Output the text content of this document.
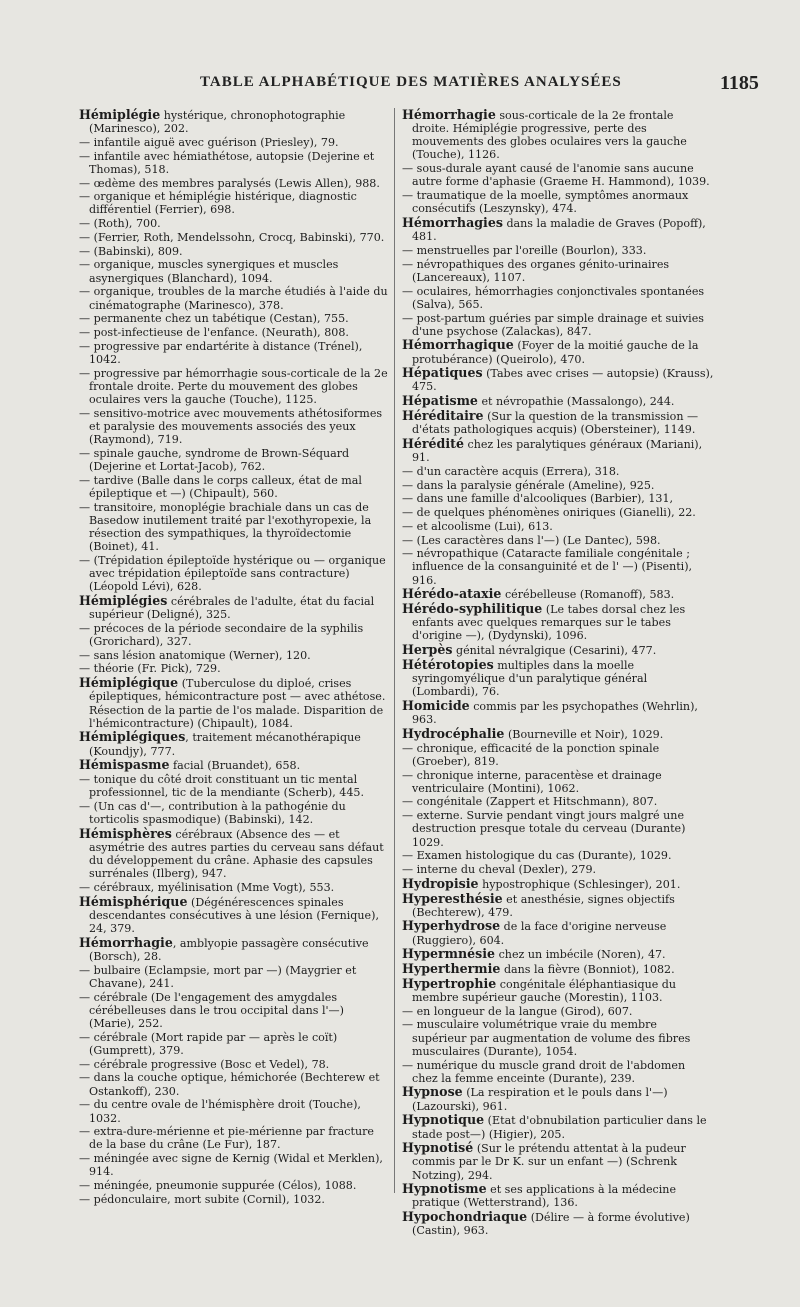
TABLE ALPHABÉTIQUE DES MATIÈRES ANALYSÉES	1185
Hémiplégie hystérique, chronophotographie (Marinesco), 202.
— infantile aiguë avec guérison (Priesley), 79.
— infantile avec hémiathétose, autopsie (Dejerine et Thomas), 518.
— œdème des membres paralysés (Lewis Allen), 988.
— organique et hémiplégie histérique, diagnostic différentiel (Ferrier), 698.
— (Roth), 700.
— (Ferrier, Roth, Mendelssohn, Crocq, Babinski), 770.
— (Babinski), 809.
— organique, muscles synergiques et muscles asynergiques (Blanchard), 1094.
— organique, troubles de la marche étudiés à l'aide du cinématographe (Marinesco), 378.
— permanente chez un tabétique (Cestan), 755.
— post-infectieuse de l'enfance. (Neurath), 808.
— progressive par endartérite à distance (Trénel), 1042.
— progressive par hémorrhagie sous-corticale de la 2e frontale droite. Perte du mouvement des globes oculaires vers la gauche (Touche), 1125.
— sensitivo-motrice avec mouvements athétosiformes et paralysie des mouvements associés des yeux (Raymond), 719.
— spinale gauche, syndrome de Brown-Séquard (Dejerine et Lortat-Jacob), 762.
— tardive (Balle dans le corps calleux, état de mal épileptique et —) (Chipault), 560.
— transitoire, monoplégie brachiale dans un cas de Basedow inutilement traité par l'exothyropexie, la résection des sympathiques, la thyroïdectomie (Boinet), 41.
— (Trépidation épileptoïde hystérique ou — organique avec trépidation épileptoïde sans contracture) (Léopold Lévi), 628.
Hémiplégies cérébrales de l'adulte, état du facial supérieur (Deligné), 325.
— précoces de la période secondaire de la syphilis (Grorichard), 327.
— sans lésion anatomique (Werner), 120.
— théorie (Fr. Pick), 729.
Hémiplégique (Tuberculose du diploé, crises épileptiques, hémicontracture post — avec athétose. Résection de la partie de l'os malade. Disparition de l'hémicontracture) (Chipault), 1084.
Hémiplégiques, traitement mécanothérapique (Koundjy), 777.
Hémispasme facial (Bruandet), 658.
— tonique du côté droit constituant un tic mental professionnel, tic de la mendiante (Scherb), 445.
— (Un cas d'—, contribution à la pathogénie du torticolis spasmodique) (Babinski), 142.
Hémisphères cérébraux (Absence des — et asymétrie des autres parties du cerveau sans défaut du développement du crâne. Aphasie des capsules surrénales (Ilberg), 947.
— cérébraux, myélinisation (Mme Vogt), 553.
Hémisphérique (Dégénérescences spinales descendantes consécutives à une lésion (Fernique), 24, 379.
Hémorrhagie, amblyopie passagère consécutive (Borsch), 28.
— bulbaire (Eclampsie, mort par —) (Maygrier et Chavane), 241.
— cérébrale (De l'engagement des amygdales cérébelleuses dans le trou occipital dans l'—) (Marie), 252.
— cérébrale (Mort rapide par — après le coït) (Gumprett), 379.
— cérébrale progressive (Bosc et Vedel), 78.
— dans la couche optique, hémichorée (Bechterew et Ostankoff), 230.
— du centre ovale de l'hémisphère droit (Touche), 1032.
— extra-dure-mérienne et pie-mérienne par fracture de la base du crâne (Le Fur), 187.
— méningée avec signe de Kernig (Widal et Merklen), 914.
— méningée, pneumonie suppurée (Célos), 1088.
— pédonculaire, mort subite (Cornil), 1032.
Hémorrhagie sous-corticale de la 2e frontale droite. Hémiplégie progressive, perte des mouvements des globes oculaires vers la gauche (Touche), 1126.
— sous-durale ayant causé de l'anomie sans aucune autre forme d'aphasie (Graeme H. Hammond), 1039.
— traumatique de la moelle, symptômes anormaux consécutifs (Leszynsky), 474.
Hémorrhagies dans la maladie de Graves (Popoff), 481.
— menstruelles par l'oreille (Bourlon), 333.
— névropathiques des organes génito-urinaires (Lancereaux), 1107.
— oculaires, hémorrhagies conjonctivales spontanées (Salva), 565.
— post-partum guéries par simple drainage et suivies d'une psychose (Zalackas), 847.
Hémorrhagique (Foyer de la moitié gauche de la protubérance) (Queirolo), 470.
Hépatiques (Tabes avec crises — autopsie) (Krauss), 475.
Hépatisme et névropathie (Massalongo), 244.
Héréditaire (Sur la question de la transmission — d'états pathologiques acquis) (Obersteiner), 1149.
Hérédité chez les paralytiques généraux (Mariani), 91.
— d'un caractère acquis (Errera), 318.
— dans la paralysie générale (Ameline), 925.
— dans une famille d'alcooliques (Barbier), 131,
— de quelques phénomènes oniriques (Gianelli), 22.
— et alcoolisme (Lui), 613.
— (Les caractères dans l'—) (Le Dantec), 598.
— névropathique (Cataracte familiale congénitale ; influence de la consanguinité et de l' —) (Pisenti), 916.
Hérédo-ataxie cérébelleuse (Romanoff), 583.
Hérédo-syphilitique (Le tabes dorsal chez les enfants avec quelques remarques sur le tabes d'origine —), (Dydynski), 1096.
Herpès génital névralgique (Cesarini), 477.
Hétérotopies multiples dans la moelle syringomyélique d'un paralytique général (Lombardi), 76.
Homicide commis par les psychopathes (Wehrlin), 963.
Hydrocéphalie (Bourneville et Noir), 1029.
— chronique, efficacité de la ponction spinale (Groeber), 819.
— chronique interne, paracentèse et drainage ventriculaire (Montini), 1062.
— congénitale (Zappert et Hitschmann), 807.
— externe. Survie pendant vingt jours malgré une destruction presque totale du cerveau (Durante) 1029.
— Examen histologique du cas (Durante), 1029.
— interne du cheval (Dexler), 279.
Hydropisie hypostrophique (Schlesinger), 201.
Hyperesthésie et anesthésie, signes objectifs (Bechterew), 479.
Hyperhydrose de la face d'origine nerveuse (Ruggiero), 604.
Hypermnésie chez un imbécile (Noren), 47.
Hyperthermie dans la fièvre (Bonniot), 1082.
Hypertrophie congénitale éléphantiasique du membre supérieur gauche (Morestin), 1103.
— en longueur de la langue (Girod), 607.
— musculaire volumétrique vraie du membre supérieur par augmentation de volume des fibres musculaires (Durante), 1054.
— numérique du muscle grand droit de l'abdomen chez la femme enceinte (Durante), 239.
Hypnose (La respiration et le pouls dans l'—) (Lazourski), 961.
Hypnotique (Etat d'obnubilation particulier dans le stade post—) (Higier), 205.
Hypnotisé (Sur le prétendu attentat à la pudeur commis par le Dr K. sur un enfant —) (Schrenk Notzing), 294.
Hypnotisme et ses applications à la médecine pratique (Wetterstrand), 136.
Hypochondriaque (Délire — à forme évolutive) (Castin), 963.
